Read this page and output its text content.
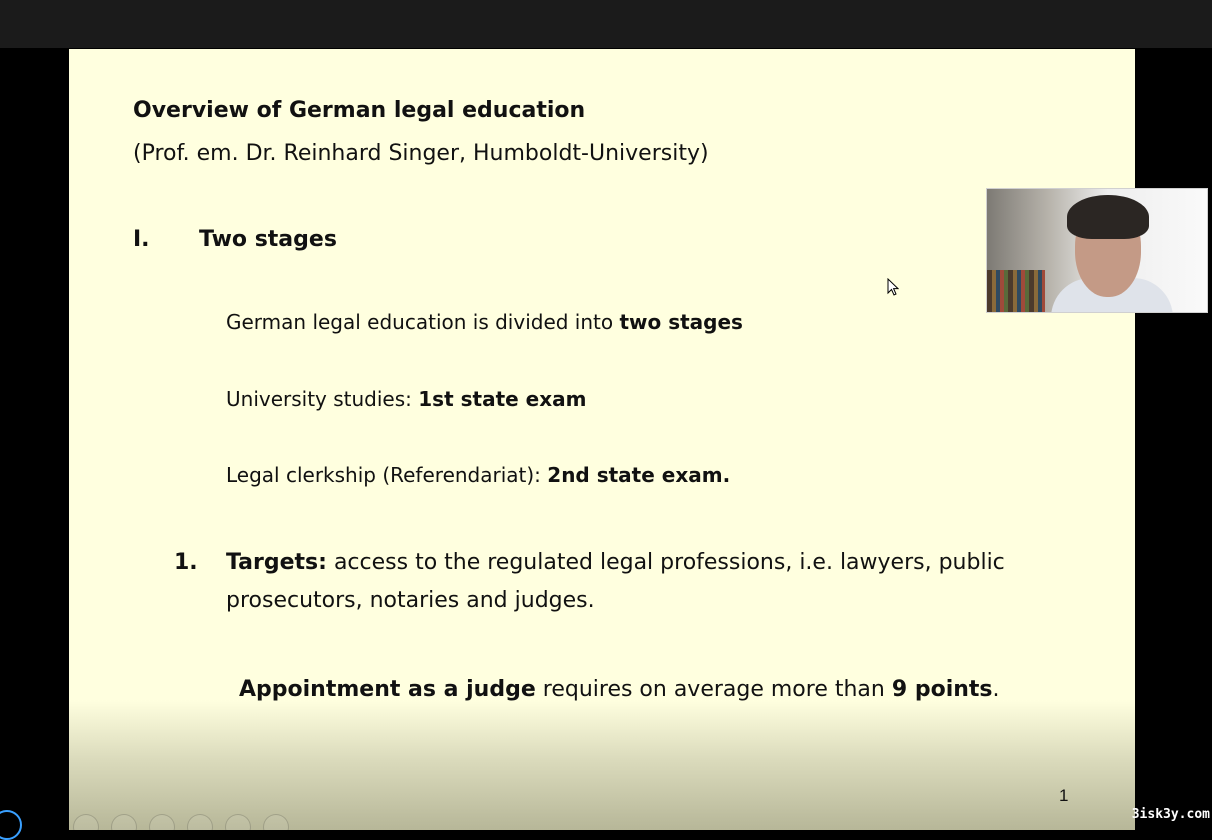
Overview of German legal education
(Prof. em. Dr. Reinhard Singer, Humboldt-University)
I. Two stages
German legal education is divided into two stages
University studies: 1st state exam
Legal clerkship (Referendariat): 2nd state exam.
1. Targets: access to the regulated legal professions, i.e. lawyers, public
prosecutors, notaries and judges.
Appointment as a judge requires on average more than 9 points.
1
3isk3y.com
